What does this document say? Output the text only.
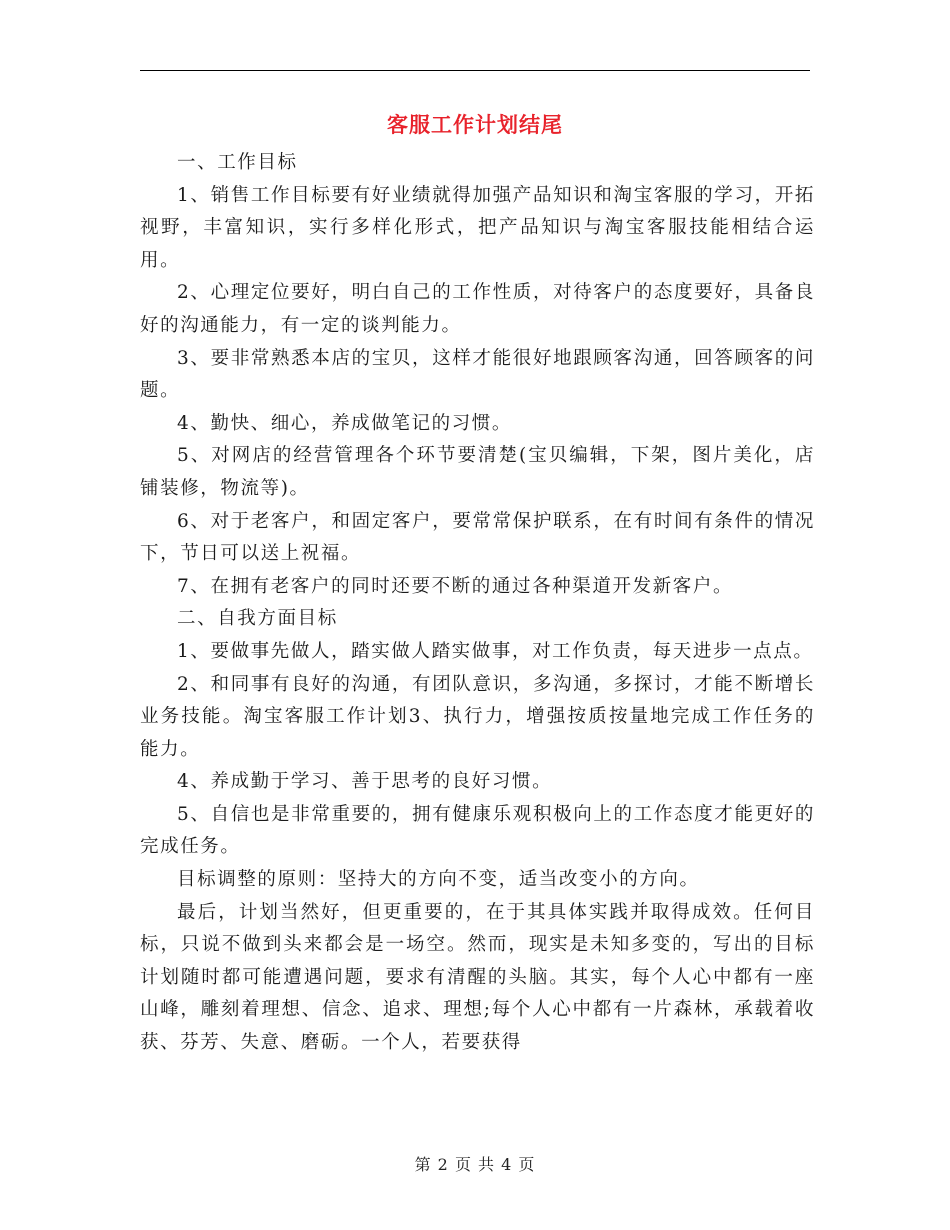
客服工作计划结尾

一、工作目标

1、销售工作目标要有好业绩就得加强产品知识和淘宝客服的学习，开拓视野，丰富知识，实行多样化形式，把产品知识与淘宝客服技能相结合运用。

2、心理定位要好，明白自己的工作性质，对待客户的态度要好，具备良好的沟通能力，有一定的谈判能力。

3、要非常熟悉本店的宝贝，这样才能很好地跟顾客沟通，回答顾客的问题。

4、勤快、细心，养成做笔记的习惯。

5、对网店的经营管理各个环节要清楚(宝贝编辑，下架，图片美化，店铺装修，物流等)。

6、对于老客户，和固定客户，要常常保护联系，在有时间有条件的情况下，节日可以送上祝福。

7、在拥有老客户的同时还要不断的通过各种渠道开发新客户。

二、自我方面目标

1、要做事先做人，踏实做人踏实做事，对工作负责，每天进步一点点。

2、和同事有良好的沟通，有团队意识，多沟通，多探讨，才能不断增长业务技能。淘宝客服工作计划3、执行力，增强按质按量地完成工作任务的能力。

4、养成勤于学习、善于思考的良好习惯。

5、自信也是非常重要的，拥有健康乐观积极向上的工作态度才能更好的完成任务。

目标调整的原则：坚持大的方向不变，适当改变小的方向。

最后，计划当然好，但更重要的，在于其具体实践并取得成效。任何目标，只说不做到头来都会是一场空。然而，现实是未知多变的，写出的目标计划随时都可能遭遇问题，要求有清醒的头脑。其实，每个人心中都有一座山峰，雕刻着理想、信念、追求、理想;每个人心中都有一片森林，承载着收获、芬芳、失意、磨砺。一个人，若要获得

第 2 页 共 4 页
